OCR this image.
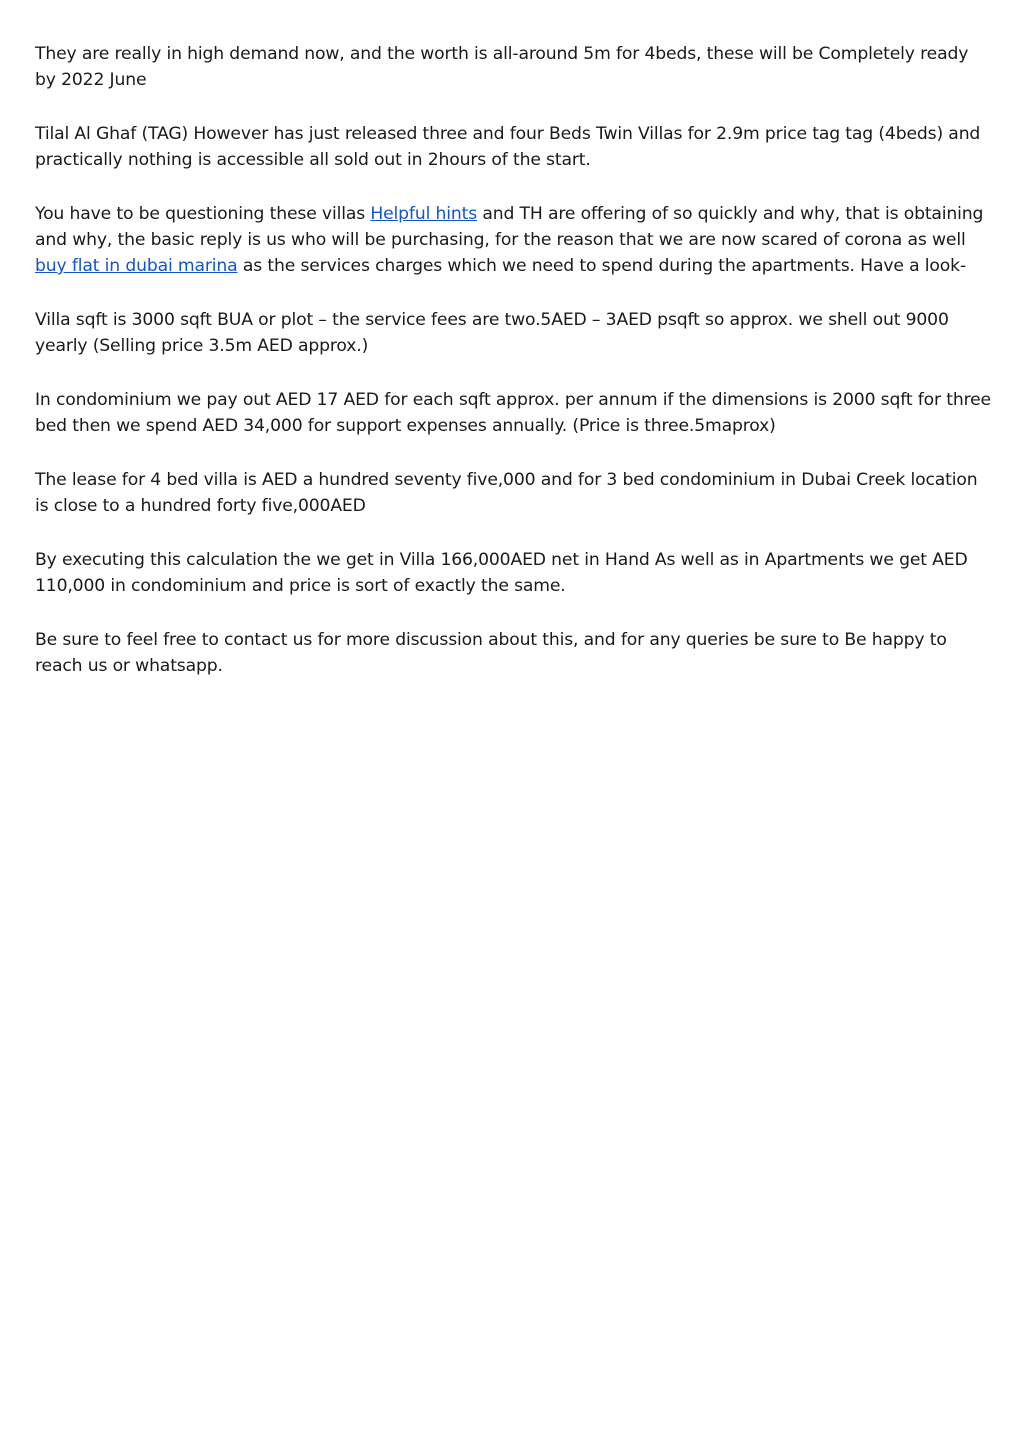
They are really in high demand now, and the worth is all-around 5m for 4beds, these will be Completely ready by 2022 June

Tilal Al Ghaf (TAG) However has just released three and four Beds Twin Villas for 2.9m price tag tag (4beds) and practically nothing is accessible all sold out in 2hours of the start.

You have to be questioning these villas Helpful hints and TH are offering of so quickly and why, that is obtaining and why, the basic reply is us who will be purchasing, for the reason that we are now scared of corona as well buy flat in dubai marina as the services charges which we need to spend during the apartments. Have a look-

Villa sqft is 3000 sqft BUA or plot – the service fees are two.5AED – 3AED psqft so approx. we shell out 9000 yearly (Selling price 3.5m AED approx.)

In condominium we pay out AED 17 AED for each sqft approx. per annum if the dimensions is 2000 sqft for three bed then we spend AED 34,000 for support expenses annually. (Price is three.5maprox)

The lease for 4 bed villa is AED a hundred seventy five,000 and for 3 bed condominium in Dubai Creek location is close to a hundred forty five,000AED

By executing this calculation the we get in Villa 166,000AED net in Hand As well as in Apartments we get AED 110,000 in condominium and price is sort of exactly the same.

Be sure to feel free to contact us for more discussion about this, and for any queries be sure to Be happy to reach us or whatsapp.
